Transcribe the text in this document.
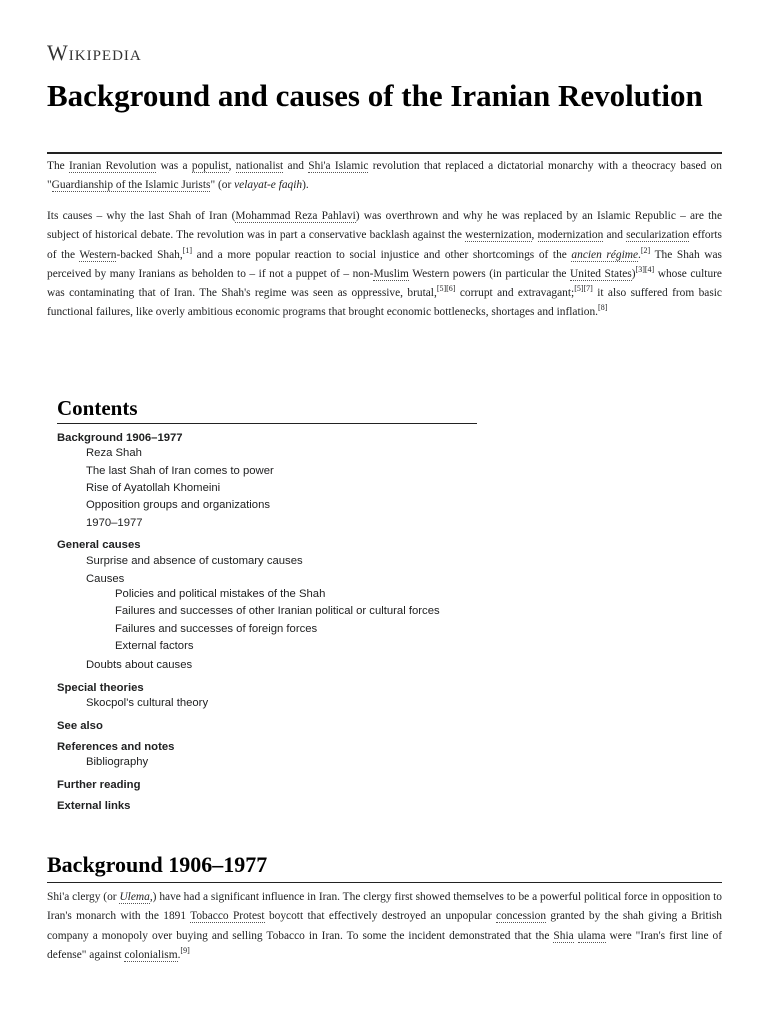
Wikipedia
Background and causes of the Iranian Revolution

The Iranian Revolution was a populist, nationalist and Shi'a Islamic revolution that replaced a dictatorial monarchy with a theocracy based on "Guardianship of the Islamic Jurists" (or velayat-e faqih).

Its causes – why the last Shah of Iran (Mohammad Reza Pahlavi) was overthrown and why he was replaced by an Islamic Republic – are the subject of historical debate. The revolution was in part a conservative backlash against the westernization, modernization and secularization efforts of the Western-backed Shah,[1] and a more popular reaction to social injustice and other shortcomings of the ancien régime.[2] The Shah was perceived by many Iranians as beholden to – if not a puppet of – non-Muslim Western powers (in particular the United States)[3][4] whose culture was contaminating that of Iran. The Shah's regime was seen as oppressive, brutal,[5][6] corrupt and extravagant;[5][7] it also suffered from basic functional failures, like overly ambitious economic programs that brought economic bottlenecks, shortages and inflation.[8]

Contents
Background 1906–1977
Reza Shah
The last Shah of Iran comes to power
Rise of Ayatollah Khomeini
Opposition groups and organizations
1970–1977
General causes
Surprise and absence of customary causes
Causes
Policies and political mistakes of the Shah
Failures and successes of other Iranian political or cultural forces
Failures and successes of foreign forces
External factors
Doubts about causes
Special theories
Skocpol's cultural theory
See also
References and notes
Bibliography
Further reading
External links
Background 1906–1977

Shi'a clergy (or Ulema,) have had a significant influence in Iran. The clergy first showed themselves to be a powerful political force in opposition to Iran's monarch with the 1891 Tobacco Protest boycott that effectively destroyed an unpopular concession granted by the shah giving a British company a monopoly over buying and selling Tobacco in Iran. To some the incident demonstrated that the Shia ulama were "Iran's first line of defense" against colonialism.[9]
